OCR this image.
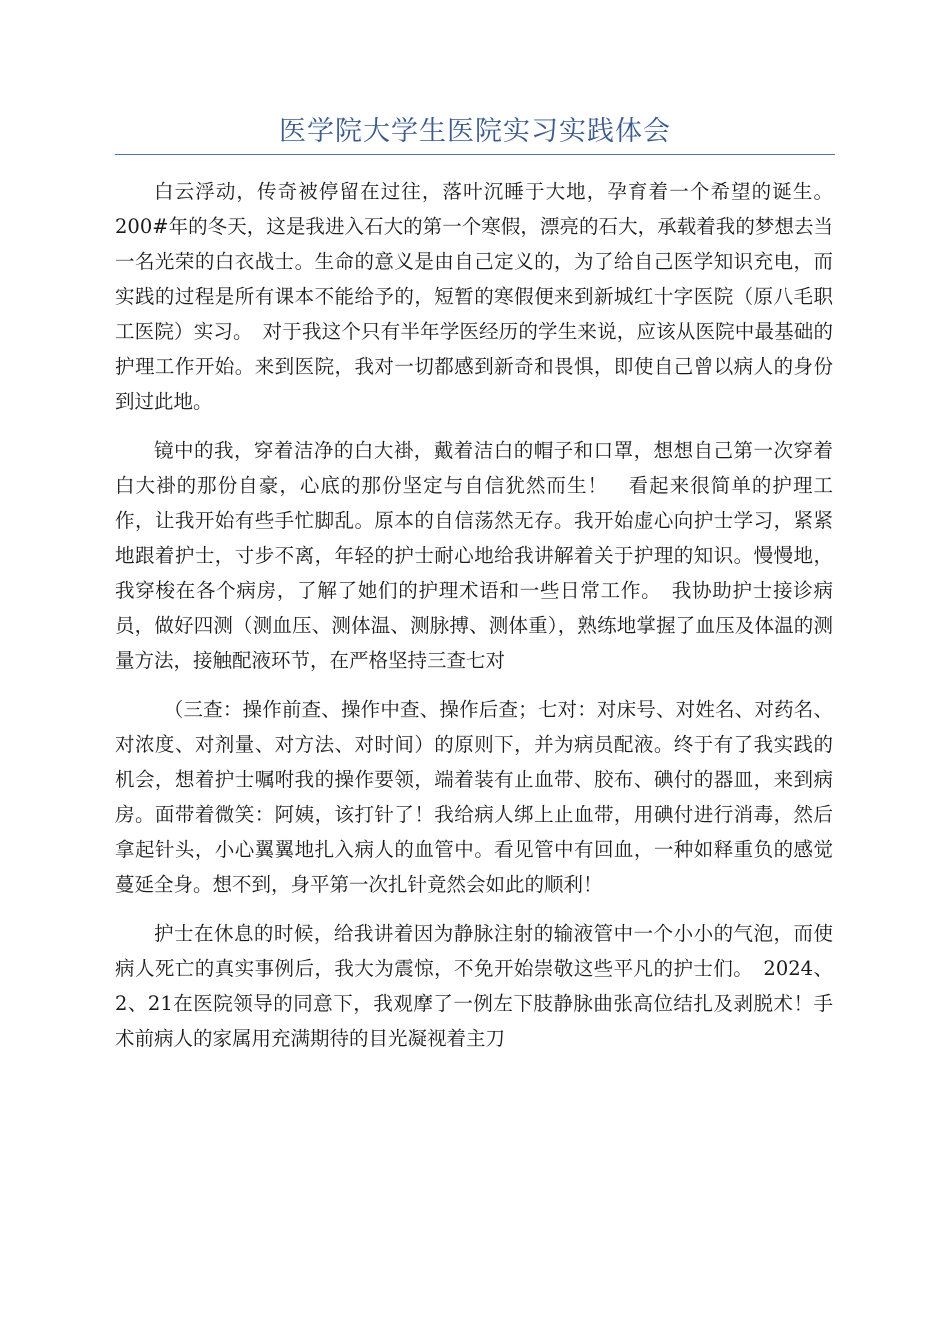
医学院大学生医院实习实践体会

白云浮动，传奇被停留在过往，落叶沉睡于大地，孕育着一个希望的诞生。200#年的冬天，这是我进入石大的第一个寒假，漂亮的石大，承载着我的梦想去当一名光荣的白衣战士。生命的意义是由自己定义的，为了给自己医学知识充电，而实践的过程是所有课本不能给予的，短暂的寒假便来到新城红十字医院（原八毛职工医院）实习。　对于我这个只有半年学医经历的学生来说，应该从医院中最基础的护理工作开始。来到医院，我对一切都感到新奇和畏惧，即使自己曾以病人的身份到过此地。

镜中的我，穿着洁净的白大褂，戴着洁白的帽子和口罩，想想自己第一次穿着白大褂的那份自豪，心底的那份坚定与自信犹然而生！　看起来很简单的护理工作，让我开始有些手忙脚乱。原本的自信荡然无存。我开始虚心向护士学习，紧紧地跟着护士，寸步不离，年轻的护士耐心地给我讲解着关于护理的知识。慢慢地，我穿梭在各个病房，了解了她们的护理术语和一些日常工作。　我协助护士接诊病员，做好四测（测血压、测体温、测脉搏、测体重），熟练地掌握了血压及体温的测量方法，接触配液环节，在严格坚持三查七对

（三查：操作前查、操作中查、操作后查；七对：对床号、对姓名、对药名、对浓度、对剂量、对方法、对时间）的原则下，并为病员配液。终于有了我实践的机会，想着护士嘱咐我的操作要领，端着装有止血带、胶布、碘付的器皿，来到病房。面带着微笑：阿姨，该打针了！我给病人绑上止血带，用碘付进行消毒，然后拿起针头，小心翼翼地扎入病人的血管中。看见管中有回血，一种如释重负的感觉蔓延全身。想不到，身平第一次扎针竟然会如此的顺利！

护士在休息的时候，给我讲着因为静脉注射的输液管中一个小小的气泡，而使病人死亡的真实事例后，我大为震惊，不免开始崇敬这些平凡的护士们。　2024、2、21在医院领导的同意下，我观摩了一例左下肢静脉曲张高位结扎及剥脱术！手术前病人的家属用充满期待的目光凝视着主刀
